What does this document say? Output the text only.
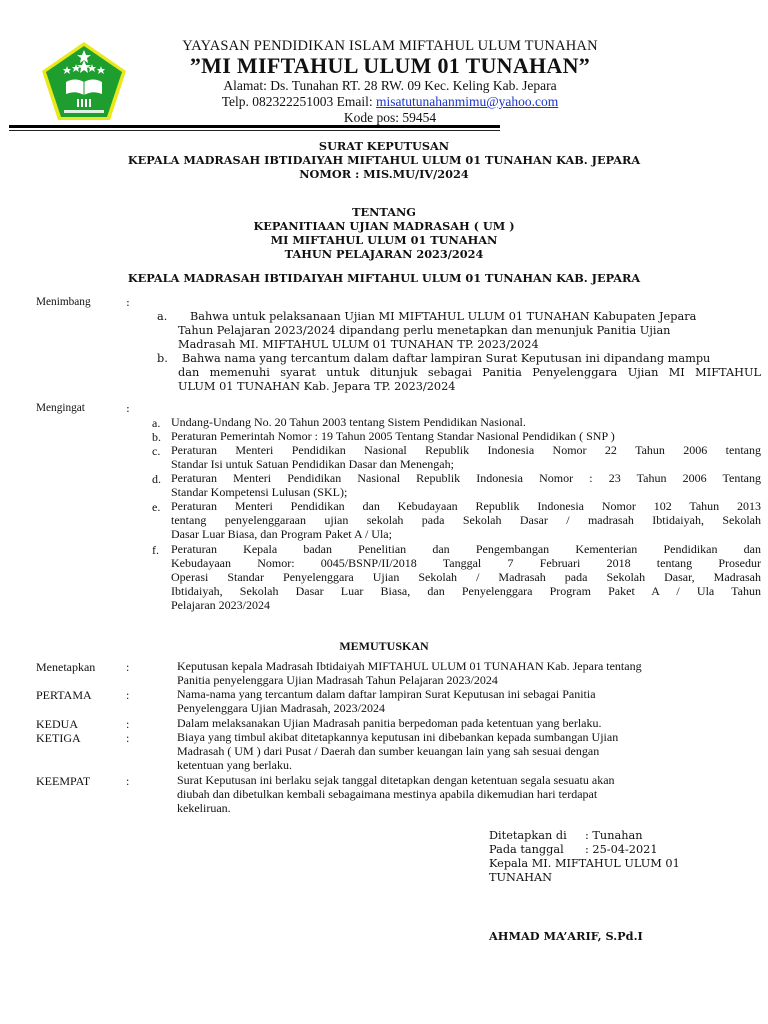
YAYASAN PENDIDIKAN ISLAM MIFTAHUL ULUM TUNAHAN
”MI MIFTAHUL ULUM 01 TUNAHAN”
Alamat: Ds. Tunahan RT. 28 RW. 09 Kec. Keling Kab. Jepara
Telp. 082322251003 Email: misatutunahanmimu@yahoo.com
Kode pos: 59454
SURAT KEPUTUSAN
KEPALA MADRASAH IBTIDAIYAH MIFTAHUL ULUM 01 TUNAHAN KAB. JEPARA
NOMOR : MIS.MU/IV/2024
TENTANG
KEPANITIAAN UJIAN MADRASAH ( UM )
MI MIFTAHUL ULUM 01 TUNAHAN
TAHUN PELAJARAN 2023/2024
KEPALA MADRASAH IBTIDAIYAH MIFTAHUL ULUM 01 TUNAHAN KAB. JEPARA
Menimbang	:
a. Bahwa untuk pelaksanaan Ujian MI MIFTAHUL ULUM 01 TUNAHAN Kabupaten Jepara
Tahun Pelajaran 2023/2024 dipandang perlu menetapkan dan menunjuk Panitia Ujian
Madrasah MI. MIFTAHUL ULUM 01 TUNAHAN TP. 2023/2024
b. Bahwa nama yang tercantum dalam daftar lampiran Surat Keputusan ini dipandang mampu
dan memenuhi syarat untuk ditunjuk sebagai Panitia Penyelenggara Ujian MI MIFTAHUL
ULUM 01 TUNAHAN Kab. Jepara TP. 2023/2024
Mengingat	:
a. Undang-Undang No. 20 Tahun 2003 tentang Sistem Pendidikan Nasional.
b. Peraturan Pemerintah Nomor : 19 Tahun 2005 Tentang Standar Nasional Pendidikan ( SNP )
c. Peraturan Menteri Pendidikan Nasional Republik Indonesia Nomor 22 Tahun 2006 tentang
Standar Isi untuk Satuan Pendidikan Dasar dan Menengah;
d. Peraturan Menteri Pendidikan Nasional Republik Indonesia Nomor : 23 Tahun 2006 Tentang
Standar Kompetensi Lulusan (SKL);
e. Peraturan Menteri Pendidikan dan Kebudayaan Republik Indonesia Nomor 102 Tahun 2013
tentang penyelenggaraan ujian sekolah pada Sekolah Dasar / madrasah Ibtidaiyah, Sekolah
Dasar Luar Biasa, dan Program Paket A / Ula;
f. Peraturan Kepala badan Penelitian dan Pengembangan Kementerian Pendidikan dan
Kebudayaan Nomor: 0045/BSNP/II/2018 Tanggal 7 Februari 2018 tentang Prosedur
Operasi Standar Penyelenggara Ujian Sekolah / Madrasah pada Sekolah Dasar, Madrasah
Ibtidaiyah, Sekolah Dasar Luar Biasa, dan Penyelenggara Program Paket A / Ula Tahun
Pelajaran 2023/2024
MEMUTUSKAN
Menetapkan	:	Keputusan kepala Madrasah Ibtidaiyah MIFTAHUL ULUM 01 TUNAHAN Kab. Jepara tentang
Panitia penyelenggara Ujian Madrasah Tahun Pelajaran 2023/2024
PERTAMA	:	Nama-nama yang tercantum dalam daftar lampiran Surat Keputusan ini sebagai Panitia
Penyelenggara Ujian Madrasah, 2023/2024
KEDUA	:	Dalam melaksanakan Ujian Madrasah panitia berpedoman pada ketentuan yang berlaku.
KETIGA	:	Biaya yang timbul akibat ditetapkannya keputusan ini dibebankan kepada sumbangan Ujian
Madrasah ( UM ) dari Pusat / Daerah dan sumber keuangan lain yang sah sesuai dengan
ketentuan yang berlaku.
KEEMPAT	:	Surat Keputusan ini berlaku sejak tanggal ditetapkan dengan ketentuan segala sesuatu akan
diubah dan dibetulkan kembali sebagaimana mestinya apabila dikemudian hari terdapat
kekeliruan.
Ditetapkan di : Tunahan
Pada tanggal : 25-04-2021
Kepala MI. MIFTAHUL ULUM 01
TUNAHAN
AHMAD MA’ARIF, S.Pd.I
